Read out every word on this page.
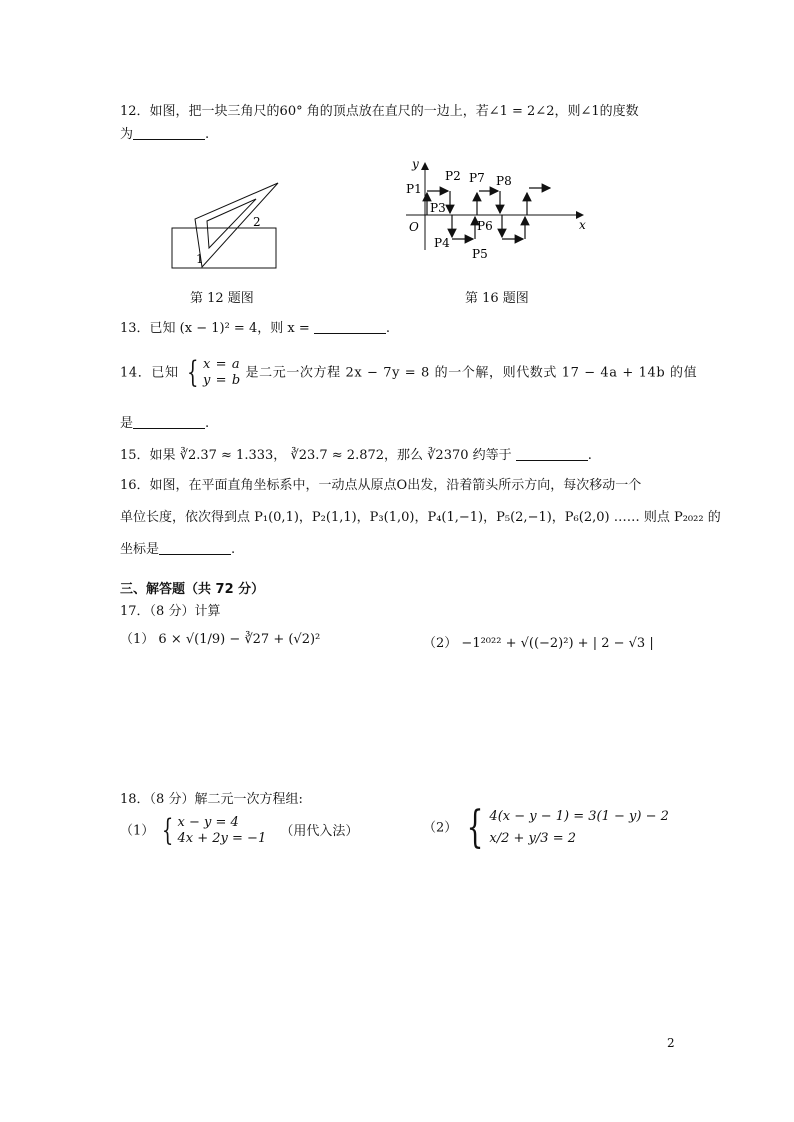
12．如图，把一块三角尺的60° 角的顶点放在直尺的一边上，若∠1 = 2∠2，则∠1的度数
为	.
1
2
第 12 题图
x
y
O
P1
P2
P3
P4
P5
P6
P7 P8
第 16 题图
13．已知 (x − 1)² = 4，则 x =	.
14．已知 { x = a
y = b 是二元一次方程 2x − 7y = 8 的一个解，则代数式 17 − 4a + 14b 的值
是	.
15．如果 ∛2.37 ≈ 1.333， ∛23.7 ≈ 2.872，那么 ∛2370 约等于	.
16．如图，在平面直角坐标系中，一动点从原点O出发，沿着箭头所示方向，每次移动一个
单位长度，依次得到点 P₁(0,1)，P₂(1,1)，P₃(1,0)，P₄(1,−1)，P₅(2,−1)，P₆(2,0) …… 则点 P₂₀₂₂ 的
坐标是	.
三、解答题（共 72 分）
17．（8 分）计算
（1） 6 × √(1/9) − ∛27 + (√2)²	（2） −1²⁰²² + √((−2)²) + | 2 − √3 |
18．（8 分）解二元一次方程组:
（1） { x − y = 4
4x + 2y = −1 （用代入法）	（2） { 4(x − y − 1) = 3(1 − y) − 2
x/2 + y/3 = 2
2
